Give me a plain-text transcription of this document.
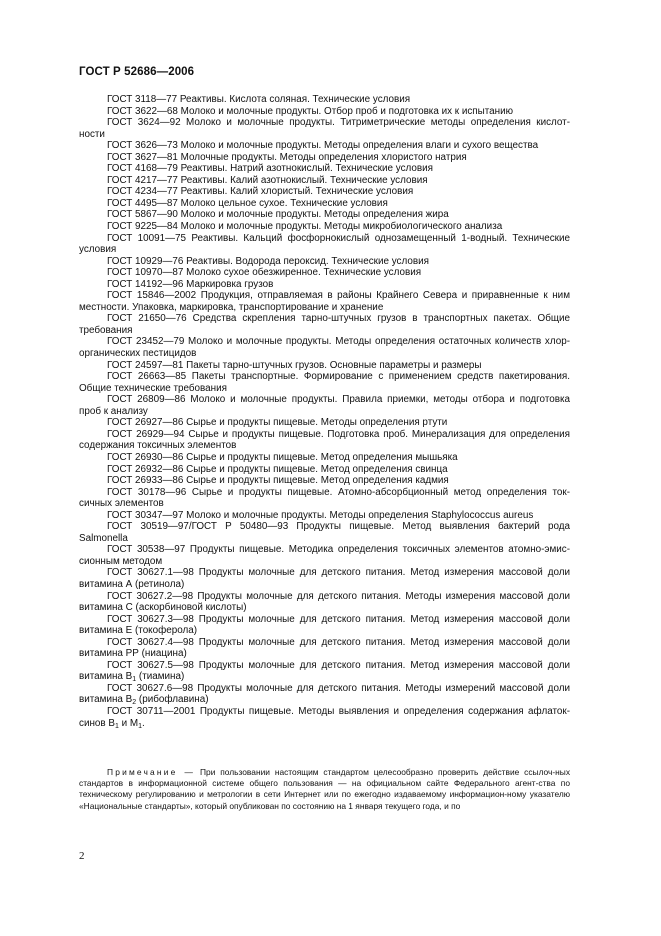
ГОСТ Р 52686—2006

ГОСТ 3118—77 Реактивы. Кислота соляная. Технические условия

ГОСТ 3622—68 Молоко и молочные продукты. Отбор проб и подготовка их к испытанию

ГОСТ 3624—92 Молоко и молочные продукты. Титриметрические методы определения кислот-ности

ГОСТ 3626—73 Молоко и молочные продукты. Методы определения влаги и сухого вещества

ГОСТ 3627—81 Молочные продукты. Методы определения хлористого натрия

ГОСТ 4168—79 Реактивы. Натрий азотнокислый. Технические условия

ГОСТ 4217—77 Реактивы. Калий азотнокислый. Технические условия

ГОСТ 4234—77 Реактивы. Калий хлористый. Технические условия

ГОСТ 4495—87 Молоко цельное сухое. Технические условия

ГОСТ 5867—90 Молоко и молочные продукты. Методы определения жира

ГОСТ 9225—84 Молоко и молочные продукты. Методы микробиологического анализа

ГОСТ 10091—75 Реактивы. Кальций фосфорнокислый однозамещенный 1-водный. Технические условия

ГОСТ 10929—76 Реактивы. Водорода пероксид. Технические условия

ГОСТ 10970—87 Молоко сухое обезжиренное. Технические условия

ГОСТ 14192—96 Маркировка грузов

ГОСТ 15846—2002 Продукция, отправляемая в районы Крайнего Севера и приравненные к ним местности. Упаковка, маркировка, транспортирование и хранение

ГОСТ 21650—76 Средства скрепления тарно-штучных грузов в транспортных пакетах. Общие требования

ГОСТ 23452—79 Молоко и молочные продукты. Методы определения остаточных количеств хлор-органических пестицидов

ГОСТ 24597—81 Пакеты тарно-штучных грузов. Основные параметры и размеры

ГОСТ 26663—85 Пакеты транспортные. Формирование с применением средств пакетирования. Общие технические требования

ГОСТ 26809—86 Молоко и молочные продукты. Правила приемки, методы отбора и подготовка проб к анализу

ГОСТ 26927—86 Сырье и продукты пищевые. Методы определения ртути

ГОСТ 26929—94 Сырье и продукты пищевые. Подготовка проб. Минерализация для определения содержания токсичных элементов

ГОСТ 26930—86 Сырье и продукты пищевые. Метод определения мышьяка

ГОСТ 26932—86 Сырье и продукты пищевые. Метод определения свинца

ГОСТ 26933—86 Сырье и продукты пищевые. Метод определения кадмия

ГОСТ 30178—96 Сырье и продукты пищевые. Атомно-абсорбционный метод определения ток-сичных элементов

ГОСТ 30347—97 Молоко и молочные продукты. Методы определения Staphylococcus aureus

ГОСТ 30519—97/ГОСТ Р 50480—93 Продукты пищевые. Метод выявления бактерий рода Salmonella

ГОСТ 30538—97 Продукты пищевые. Методика определения токсичных элементов атомно-эмис-сионным методом

ГОСТ 30627.1—98 Продукты молочные для детского питания. Метод измерения массовой доли витамина А (ретинола)

ГОСТ 30627.2—98 Продукты молочные для детского питания. Методы измерения массовой доли витамина С (аскорбиновой кислоты)

ГОСТ 30627.3—98 Продукты молочные для детского питания. Метод измерения массовой доли витамина Е (токоферола)

ГОСТ 30627.4—98 Продукты молочные для детского питания. Метод измерения массовой доли витамина РР (ниацина)

ГОСТ 30627.5—98 Продукты молочные для детского питания. Метод измерения массовой доли витамина $B_1$ (тиамина)

ГОСТ 30627.6—98 Продукты молочные для детского питания. Методы измерений массовой доли витамина $B_2$ (рибофлавина)

ГОСТ 30711—2001 Продукты пищевые. Методы выявления и определения содержания афлаток-синов $B_1$ и $M_1$.

Примечание — При пользовании настоящим стандартом целесообразно проверить действие ссылоч-ных стандартов в информационной системе общего пользования — на официальном сайте Федерального агент-ства по техническому регулированию и метрологии в сети Интернет или по ежегодно издаваемому информацион-ному указателю «Национальные стандарты», который опубликован по состоянию на 1 января текущего года, и по
2
